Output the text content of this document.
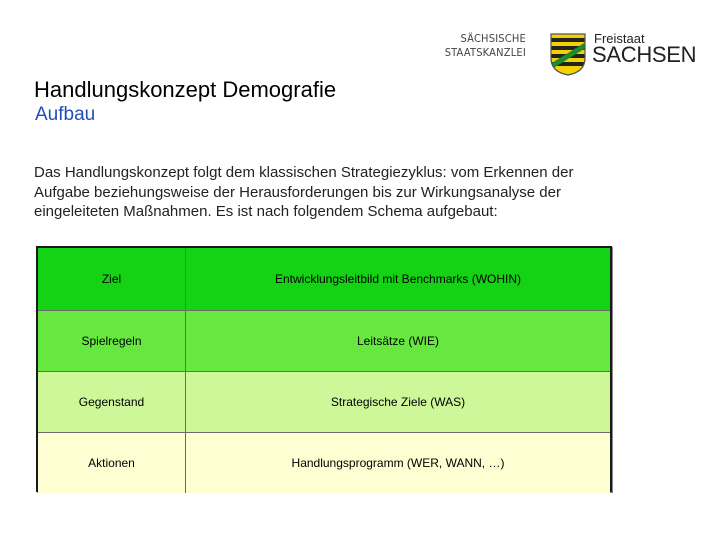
SÄCHSISCHE
STAATSKANZLEI
Freistaat
SACHSEN
Handlungskonzept Demografie
Aufbau
Das Handlungskonzept folgt dem klassischen Strategiezyklus: vom Erkennen der Aufgabe beziehungsweise der Herausforderungen bis zur Wirkungsanalyse der eingeleiteten Maßnahmen. Es ist nach folgendem Schema aufgebaut:
Ziel	Entwicklungsleitbild mit Benchmarks (WOHIN)
Spielregeln	Leitsätze (WIE)
Gegenstand	Strategische Ziele (WAS)
Aktionen	Handlungsprogramm (WER, WANN, …)
